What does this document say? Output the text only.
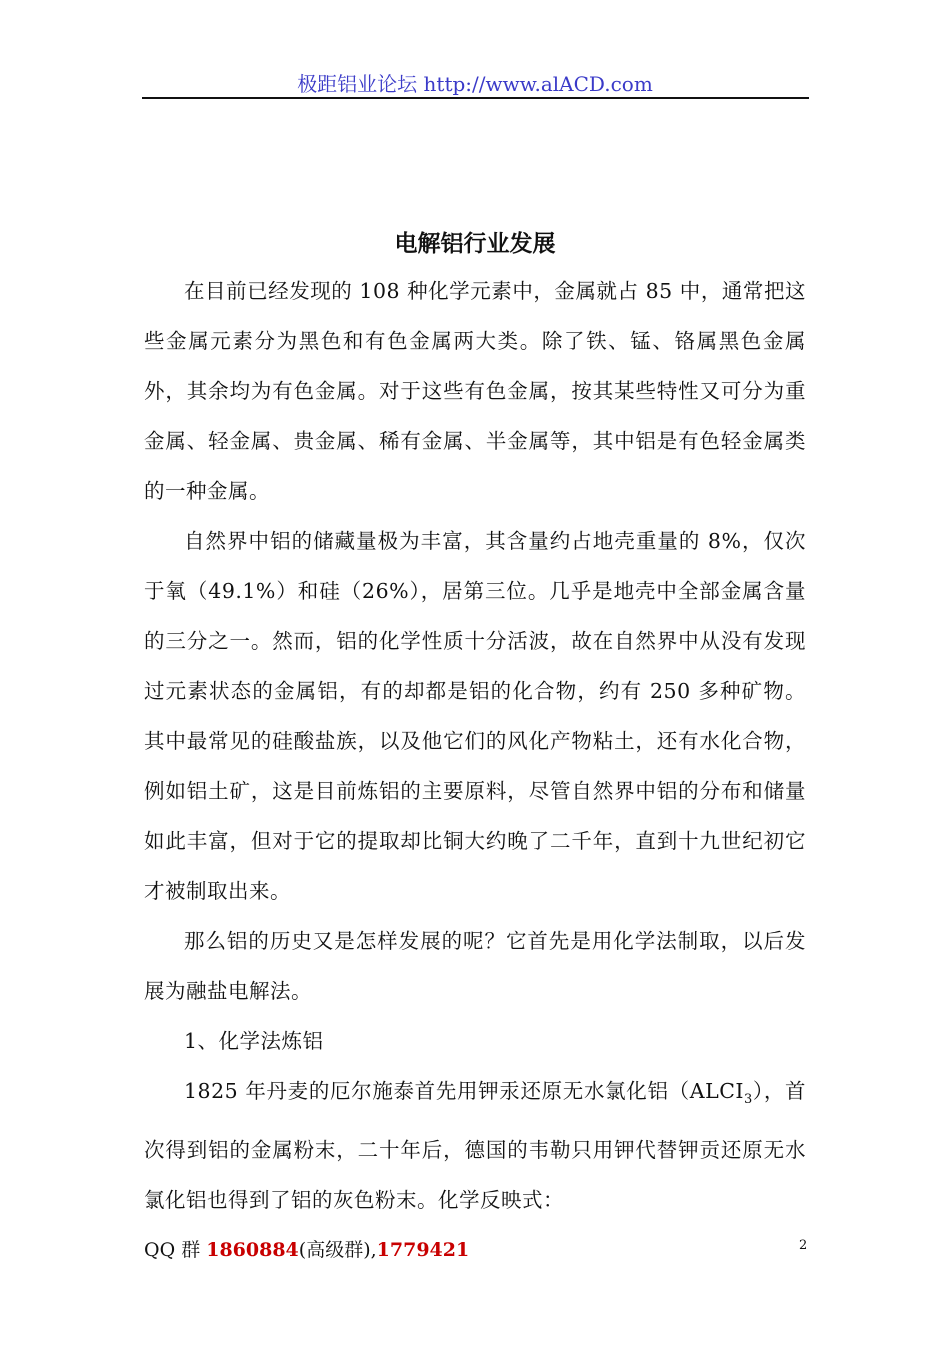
极距铝业论坛 http://www.alACD.com
电解铝行业发展

在目前已经发现的 108 种化学元素中，金属就占 85 中，通常把这些金属元素分为黑色和有色金属两大类。除了铁、锰、铬属黑色金属外，其余均为有色金属。对于这些有色金属，按其某些特性又可分为重金属、轻金属、贵金属、稀有金属、半金属等，其中铝是有色轻金属类的一种金属。

自然界中铝的储藏量极为丰富，其含量约占地壳重量的 8%，仅次于氧（49.1%）和硅（26%），居第三位。几乎是地壳中全部金属含量的三分之一。然而，铝的化学性质十分活波，故在自然界中从没有发现过元素状态的金属铝，有的却都是铝的化合物，约有 250 多种矿物。其中最常见的硅酸盐族，以及他它们的风化产物粘土，还有水化合物，例如铝土矿，这是目前炼铝的主要原料，尽管自然界中铝的分布和储量如此丰富，但对于它的提取却比铜大约晚了二千年，直到十九世纪初它才被制取出来。

那么铝的历史又是怎样发展的呢？它首先是用化学法制取，以后发展为融盐电解法。

1、化学法炼铝

1825 年丹麦的厄尔施泰首先用钾汞还原无水氯化铝$(ALCI_3)$，首次得到铝的金属粉末，二十年后，德国的韦勒只用钾代替钾贡还原无水氯化铝也得到了铝的灰色粉末。化学反映式：

QQ 群 1860884(高级群),1779421	2
